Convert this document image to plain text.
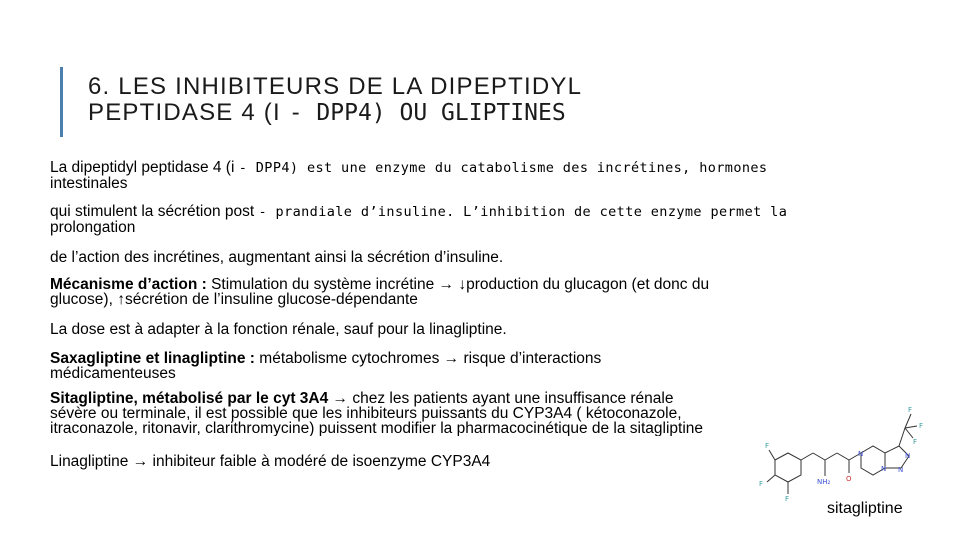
6. LES INHIBITEURS DE LA DIPEPTIDYL
PEPTIDASE 4 (I - DPP4) OU GLIPTINES
La dipeptidyl peptidase 4 (i - DPP4) est une enzyme du catabolisme des incrétines, hormones
intestinales
qui stimulent la sécrétion post - prandiale d’insuline. L’inhibition de cette enzyme permet la
prolongation
de l’action des incrétines, augmentant ainsi la sécrétion d’insuline.
Mécanisme d’action : Stimulation du système incrétine → ↓production du glucagon (et donc du
glucose), ↑sécrétion de l’insuline glucose-dépendante
La dose est à adapter à la fonction rénale, sauf pour la linagliptine.
Saxagliptine et linagliptine : métabolisme cytochromes → risque d’interactions
médicamenteuses
Sitagliptine, métabolisé par le cyt 3A4 → chez les patients ayant une insuffisance rénale
sévère ou terminale, il est possible que les inhibiteurs puissants du CYP3A4 ( kétoconazole,
itraconazole, ritonavir, clarithromycine) puissent modifier la pharmacocinétique de la sitagliptine
Linagliptine → inhibiteur faible à modéré de isoenzyme CYP3A4
F
F
F
F
F
F
O
NH₂
N
N
N
N
sitagliptine
